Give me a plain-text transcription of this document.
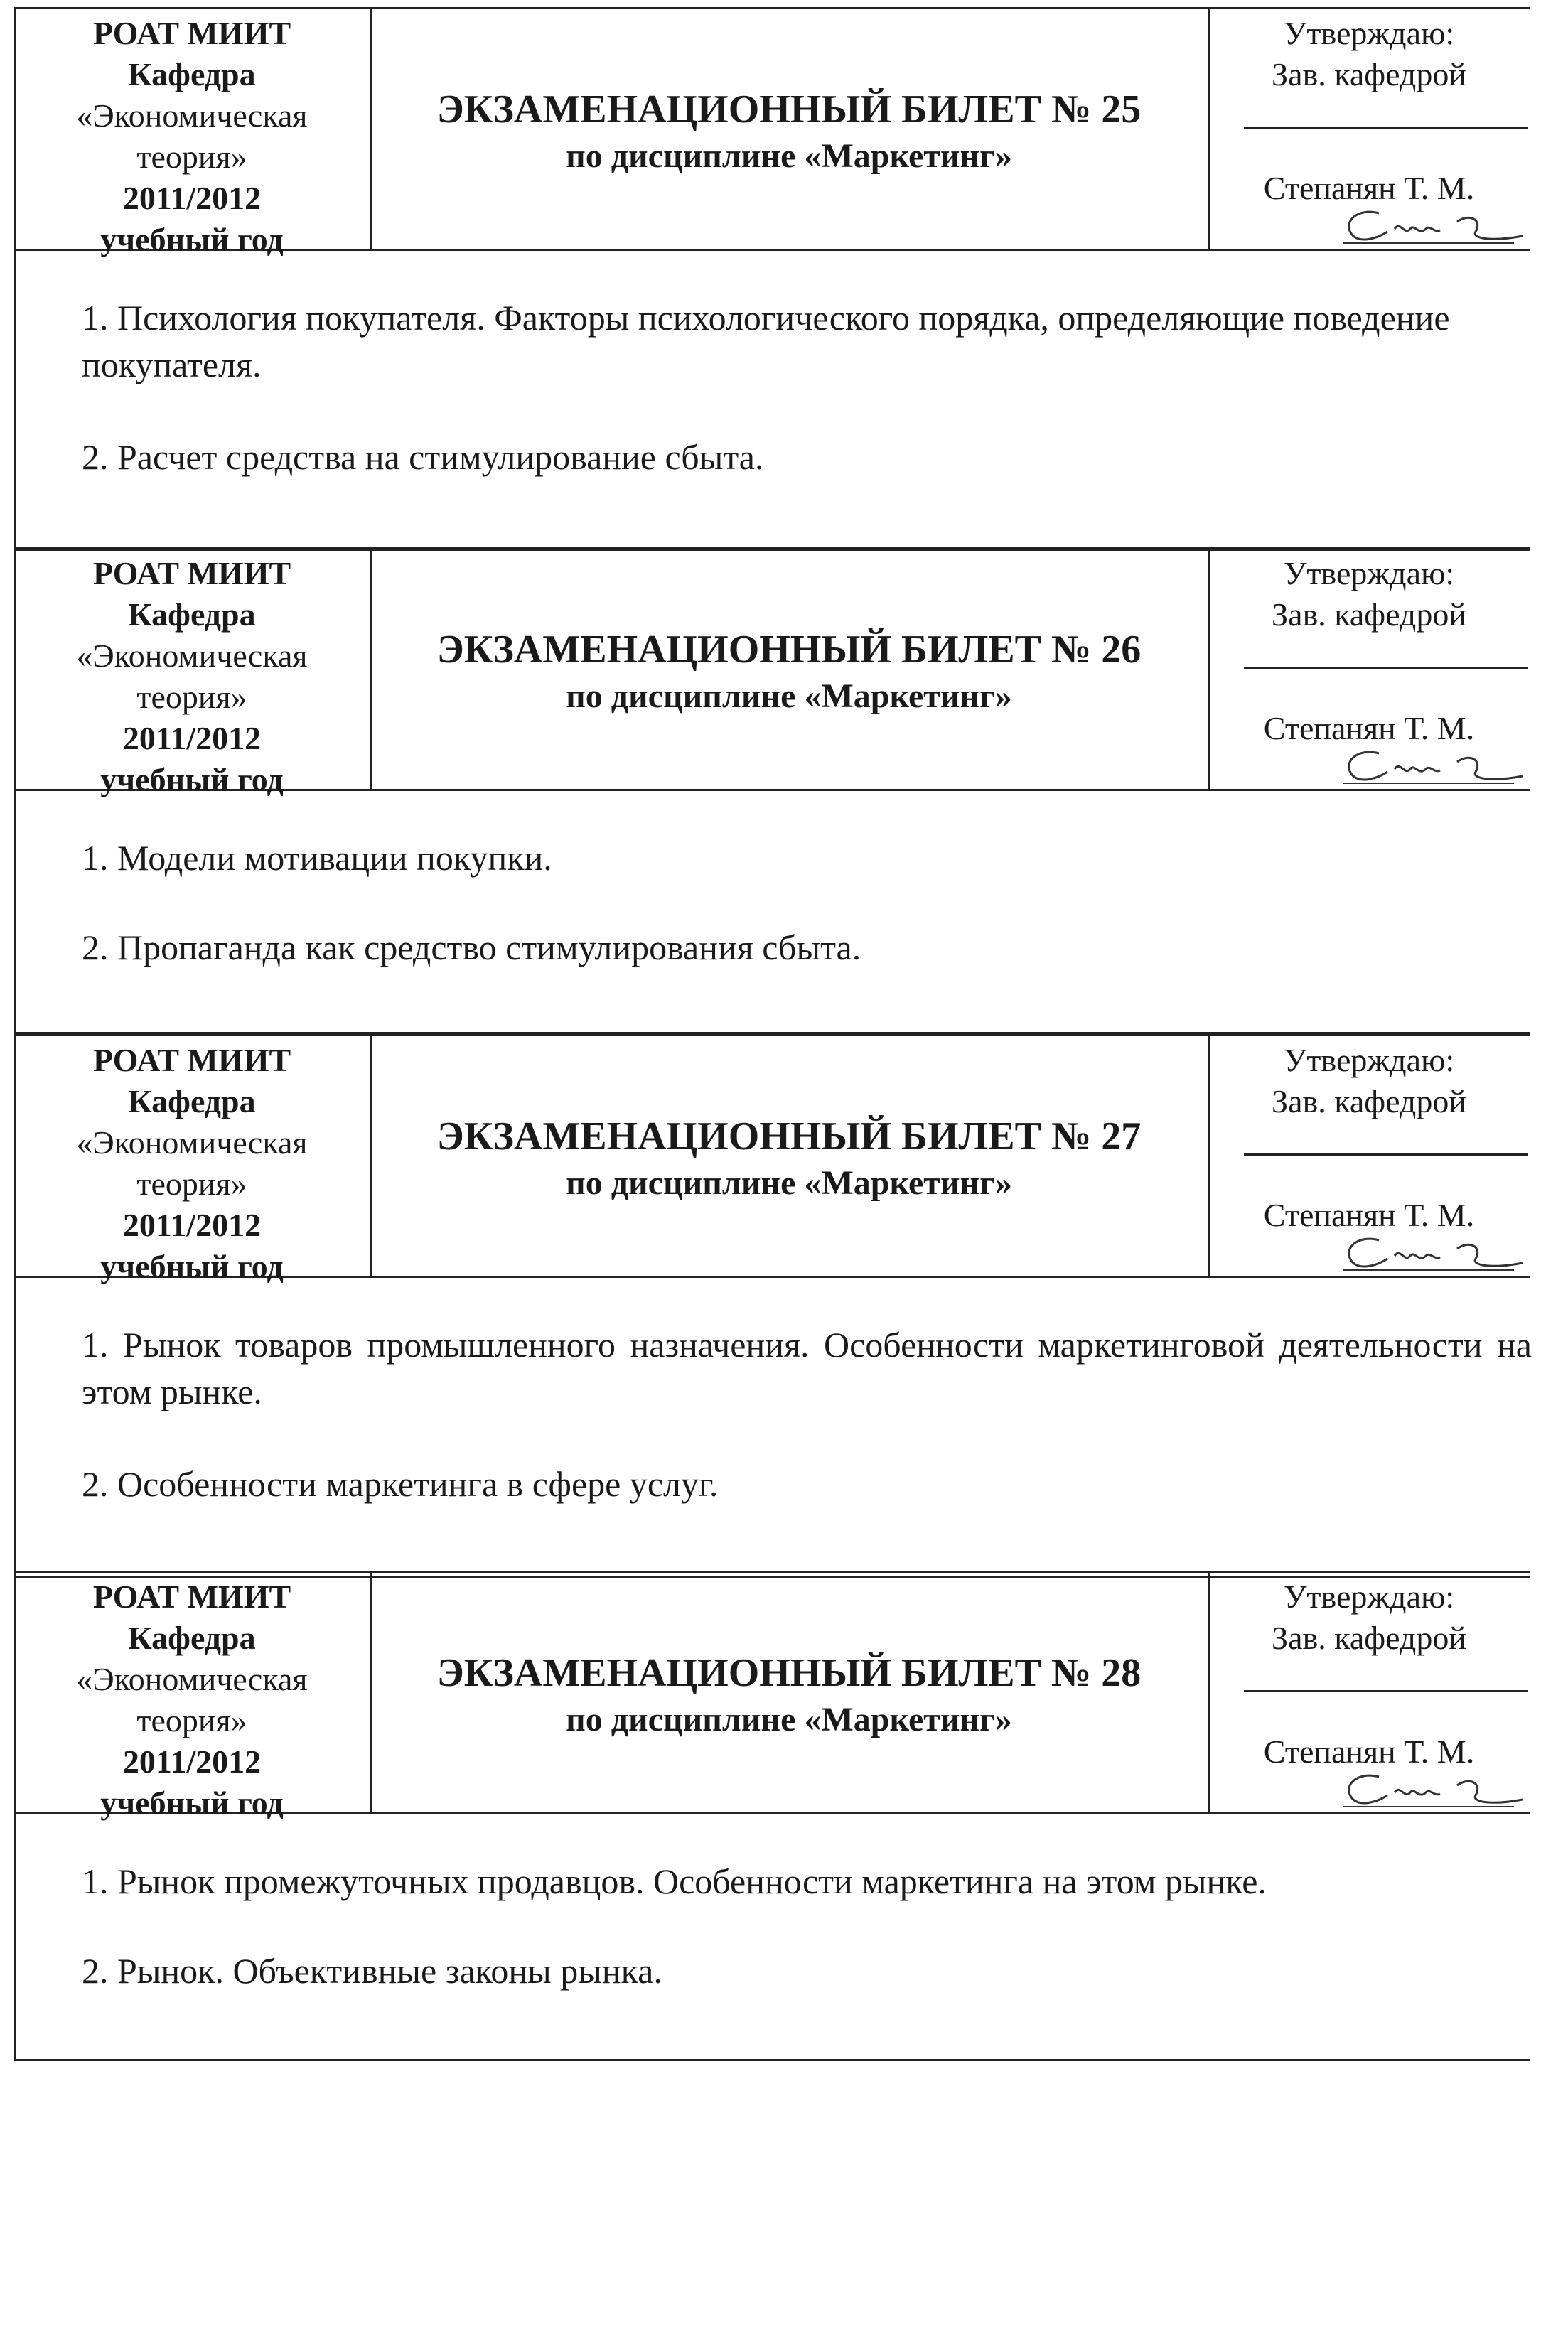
РОАТ МИИТ
Кафедра
«Экономическая
теория»
2011/2012
учебный год
ЭКЗАМЕНАЦИОННЫЙ БИЛЕТ № 25
по дисциплине «Маркетинг»
Утверждаю:
Зав. кафедрой
Степанян Т. М.
1. Психология покупателя. Факторы психологического порядка, определяющие поведение покупателя.
2. Расчет средства на стимулирование сбыта.
РОАТ МИИТ
Кафедра
«Экономическая
теория»
2011/2012
учебный год
ЭКЗАМЕНАЦИОННЫЙ БИЛЕТ № 26
по дисциплине «Маркетинг»
Утверждаю:
Зав. кафедрой
Степанян Т. М.
1. Модели мотивации покупки.
2. Пропаганда как средство стимулирования сбыта.
РОАТ МИИТ
Кафедра
«Экономическая
теория»
2011/2012
учебный год
ЭКЗАМЕНАЦИОННЫЙ БИЛЕТ № 27
по дисциплине «Маркетинг»
Утверждаю:
Зав. кафедрой
Степанян Т. М.
1. Рынок товаров промышленного назначения. Особенности маркетинговой деятельности на этом рынке.
2. Особенности маркетинга в сфере услуг.
РОАТ МИИТ
Кафедра
«Экономическая
теория»
2011/2012
учебный год
ЭКЗАМЕНАЦИОННЫЙ БИЛЕТ № 28
по дисциплине «Маркетинг»
Утверждаю:
Зав. кафедрой
Степанян Т. М.
1. Рынок промежуточных продавцов. Особенности маркетинга на этом рынке.
2. Рынок. Объективные законы рынка.
